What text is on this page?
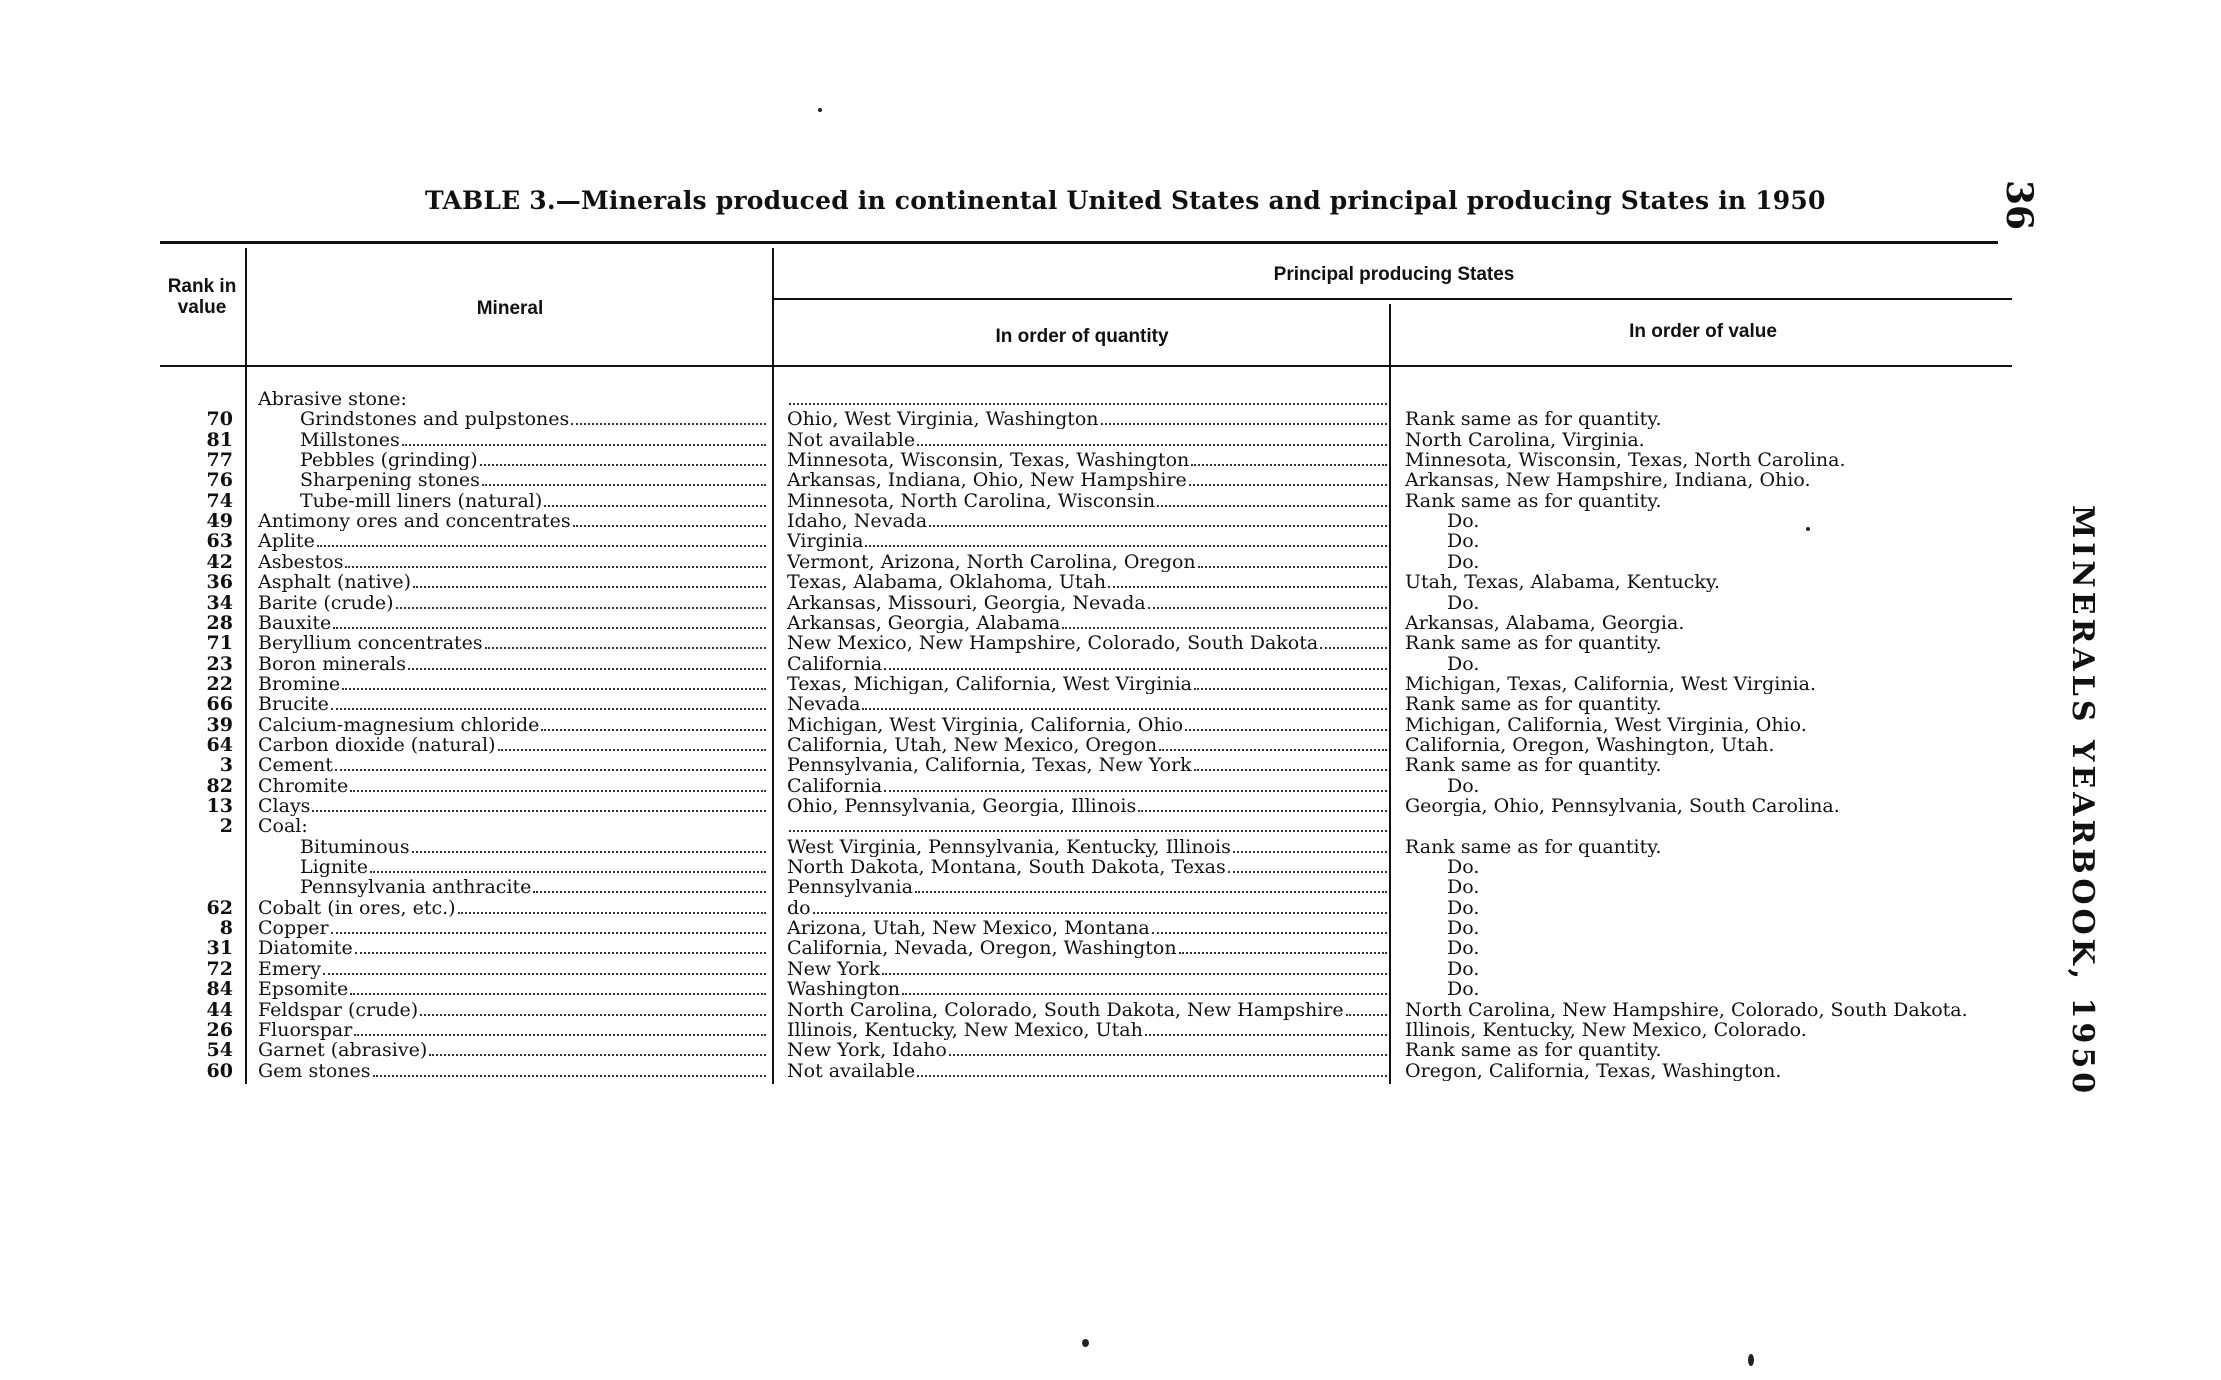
TABLE 3.—Minerals produced in continental United States and principal producing States in 1950	36
MINERALS YEARBOOK, 1950
Rank in value	Mineral
Principal producing States
In order of quantity	In order of value
Abrasive stone:
70	Grindstones and pulpstones	Ohio, West Virginia, Washington	Rank same as for quantity.
81	Millstones	Not available	North Carolina, Virginia.
77	Pebbles (grinding)	Minnesota, Wisconsin, Texas, Washington	Minnesota, Wisconsin, Texas, North Carolina.
76	Sharpening stones	Arkansas, Indiana, Ohio, New Hampshire	Arkansas, New Hampshire, Indiana, Ohio.
74	Tube-mill liners (natural)	Minnesota, North Carolina, Wisconsin	Rank same as for quantity.
49 Antimony ores and concentrates	Idaho, Nevada	Do.
63 Aplite	Virginia	Do.
42 Asbestos	Vermont, Arizona, North Carolina, Oregon	Do.
36 Asphalt (native)	Texas, Alabama, Oklahoma, Utah	Utah, Texas, Alabama, Kentucky.
34 Barite (crude)	Arkansas, Missouri, Georgia, Nevada	Do.
28 Bauxite	Arkansas, Georgia, Alabama	Arkansas, Alabama, Georgia.
71 Beryllium concentrates	New Mexico, New Hampshire, Colorado, South Dakota	Rank same as for quantity.
23 Boron minerals	California	Do.
22 Bromine	Texas, Michigan, California, West Virginia	Michigan, Texas, California, West Virginia.
66 Brucite	Nevada	Rank same as for quantity.
39 Calcium-magnesium chloride	Michigan, West Virginia, California, Ohio	Michigan, California, West Virginia, Ohio.
64 Carbon dioxide (natural)	California, Utah, New Mexico, Oregon	California, Oregon, Washington, Utah.
3 Cement	Pennsylvania, California, Texas, New York	Rank same as for quantity.
82 Chromite	California	Do.
13 Clays	Ohio, Pennsylvania, Georgia, Illinois	Georgia, Ohio, Pennsylvania, South Carolina.
2 Coal:
Bituminous	West Virginia, Pennsylvania, Kentucky, Illinois	Rank same as for quantity.
Lignite	North Dakota, Montana, South Dakota, Texas	Do.
Pennsylvania anthracite	Pennsylvania	Do.
62 Cobalt (in ores, etc.)	do	Do.
8 Copper	Arizona, Utah, New Mexico, Montana	Do.
31 Diatomite	California, Nevada, Oregon, Washington	Do.
72 Emery	New York	Do.
84 Epsomite	Washington	Do.
44 Feldspar (crude)	North Carolina, Colorado, South Dakota, New Hampshire	North Carolina, New Hampshire, Colorado, South Dakota.
26 Fluorspar	Illinois, Kentucky, New Mexico, Utah	Illinois, Kentucky, New Mexico, Colorado.
54 Garnet (abrasive)	New York, Idaho	Rank same as for quantity.
60 Gem stones	Not available	Oregon, California, Texas, Washington.
